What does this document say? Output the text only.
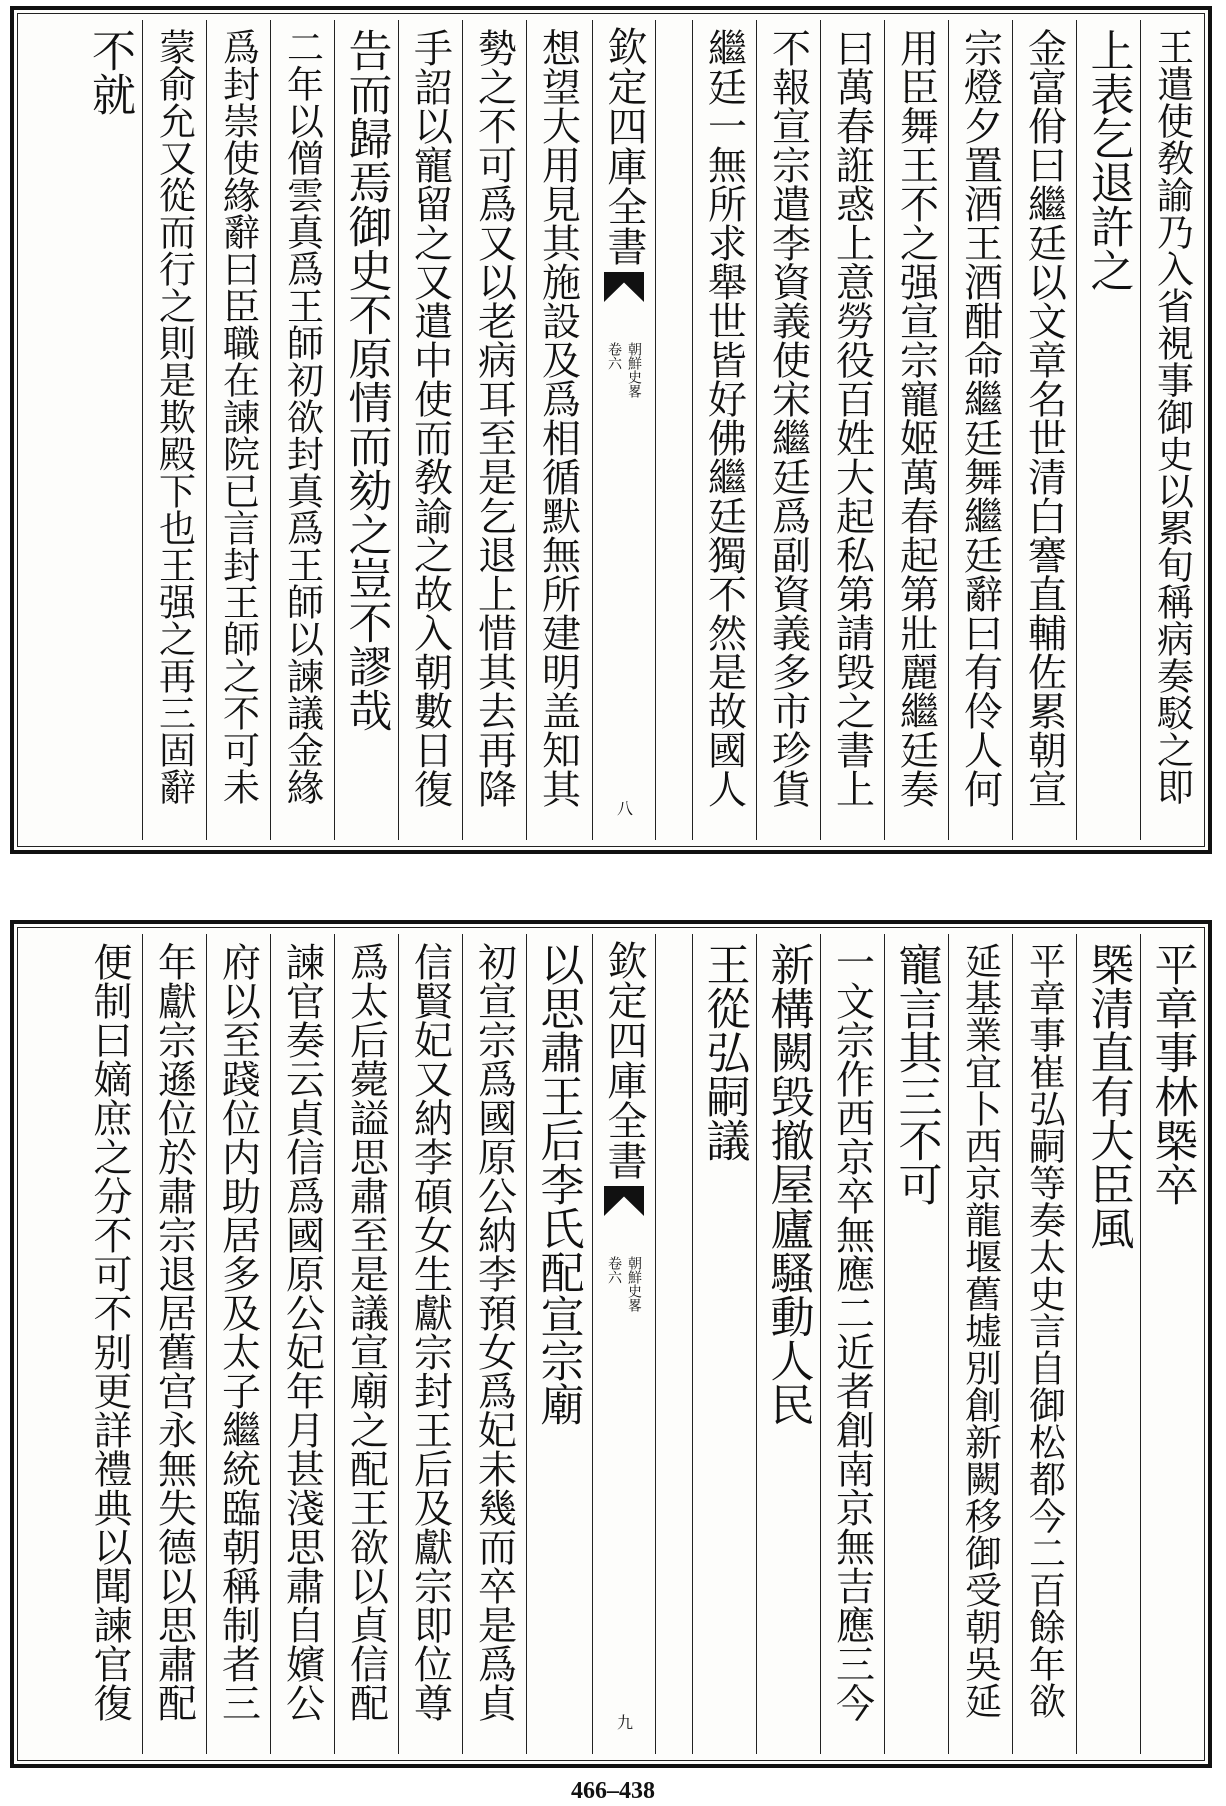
王遣使敎諭乃入省視事御史以累旬稱病奏駁之即
上表乞退許之
金富佾曰繼廷以文章名世清白謇直輔佐累朝宣
宗燈夕置酒王酒酣命繼廷舞繼廷辭曰有伶人何
用臣舞王不之强宣宗寵姬萬春起第壯麗繼廷奏
曰萬春誑惑上意勞役百姓大起私第請毁之書上
不報宣宗遣李資義使宋繼廷爲副資義多市珍貨
繼廷一無所求舉世皆好佛繼廷獨不然是故國人
欽定四庫全書
朝鮮史畧
卷六
八
想望大用見其施設及爲相循默無所建明盖知其
勢之不可爲又以老病耳至是乞退上惜其去再降
手詔以寵留之又遣中使而敎諭之故入朝數日復
告而歸焉御史不原情而劾之豈不謬哉
二年以僧雲真爲王師初欲封真爲王師以諫議金緣
爲封崇使緣辭曰臣職在諫院已言封王師之不可未
蒙俞允又從而行之則是欺殿下也王强之再三固辭
不就
平章事林槩卒
槩清直有大臣風
平章事崔弘嗣等奏太史言自御松都今二百餘年欲
延基業宜卜西京龍堰舊墟別創新闕移御受朝吳延
寵言其三不可
一文宗作西京卒無應二近者創南京無吉應三今
新構闕毁撤屋廬騷動人民
王從弘嗣議
欽定四庫全書
朝鮮史畧
卷六
九
以思肅王后李氏配宣宗廟
初宣宗爲國原公納李預女爲妃未幾而卒是爲貞
信賢妃又納李碩女生獻宗封王后及獻宗即位尊
爲太后薨謚思肅至是議宣廟之配王欲以貞信配
諫官奏云貞信爲國原公妃年月甚淺思肅自嬪公
府以至踐位内助居多及太子繼統臨朝稱制者三
年獻宗遜位於肅宗退居舊宫永無失德以思肅配
便制曰嫡庶之分不可不别更詳禮典以聞諫官復
466–438
